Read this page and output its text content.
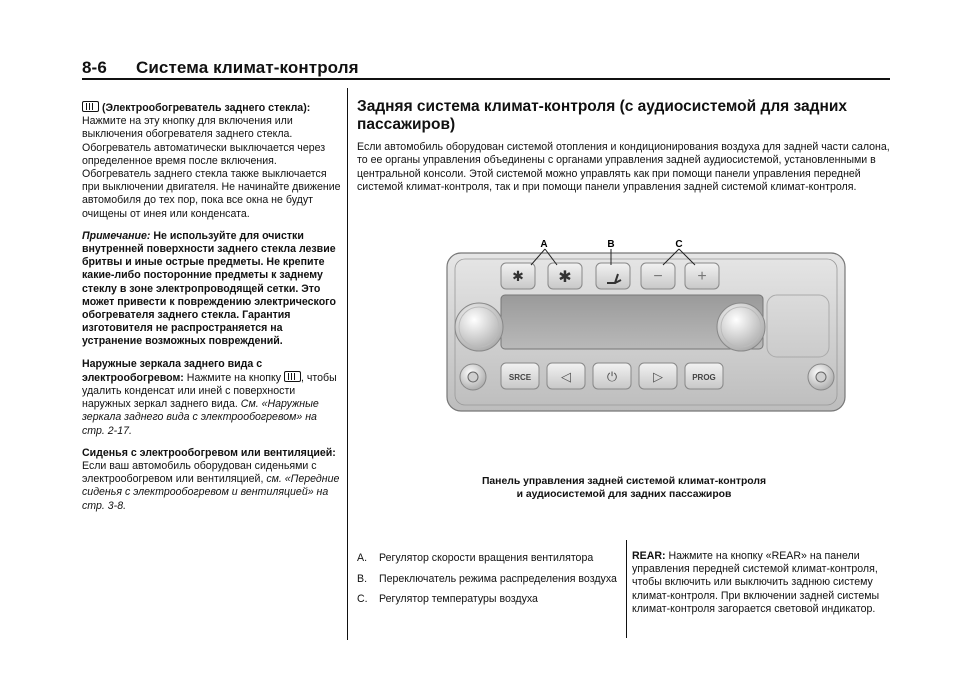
8-6 Система климат-контроля

(Электрообогреватель заднего стекла): Нажмите на эту кнопку для включения или выключения обогревателя заднего стекла. Обогреватель автоматически выключается через определенное время после включения. Обогреватель заднего стекла также выключается при выключении двигателя. Не начинайте движение автомобиля до тех пор, пока все окна не будут очищены от инея или конденсата.

Примечание: Не используйте для очистки внутренней поверхности заднего стекла лезвие бритвы и иные острые предметы. Не крепите какие-либо посторонние предметы к заднему стеклу в зоне электропроводящей сетки. Это может привести к повреждению электрического обогревателя заднего стекла. Гарантия изготовителя не распространяется на устранение возможных повреждений.

Наружные зеркала заднего вида с электрообогревом: Нажмите на кнопку , чтобы удалить конденсат или иней с поверхности наружных зеркал заднего вида. См. «Наружные зеркала заднего вида с электрообогревом» на стр. 2-17.

Сиденья с электрообогревом или вентиляцией: Если ваш автомобиль оборудован сиденьями с электрообогревом или вентиляцией, см. «Передние сиденья с электрообогревом и вентиляцией» на стр. 3-8.

Задняя система климат-контроля (с аудиосистемой для задних пассажиров)
Если автомобиль оборудован системой отопления и кондиционирования воздуха для задней части салона, то ее органы управления объединены с органами управления задней аудиосистемой, установленными в центральной консоли. Этой системой можно управлять как при помощи панели управления передней системой климат-контроля, так и при помощи панели управления задней системой климат-контроля.
✱ ✱	− +
A	B	C
SRCE ◁	⏻	▷	PROG
Панель управления задней системой климат-контроля
и аудиосистемой для задних пассажиров
A.	Регулятор скорости вращения вентилятора
B.	Переключатель режима распределения воздуха
C.	Регулятор температуры воздуха
REAR: Нажмите на кнопку «REAR» на панели управления передней системой климат-контроля, чтобы включить или выключить заднюю систему климат-контроля. При включении задней системы климат-контроля загорается световой индикатор.
